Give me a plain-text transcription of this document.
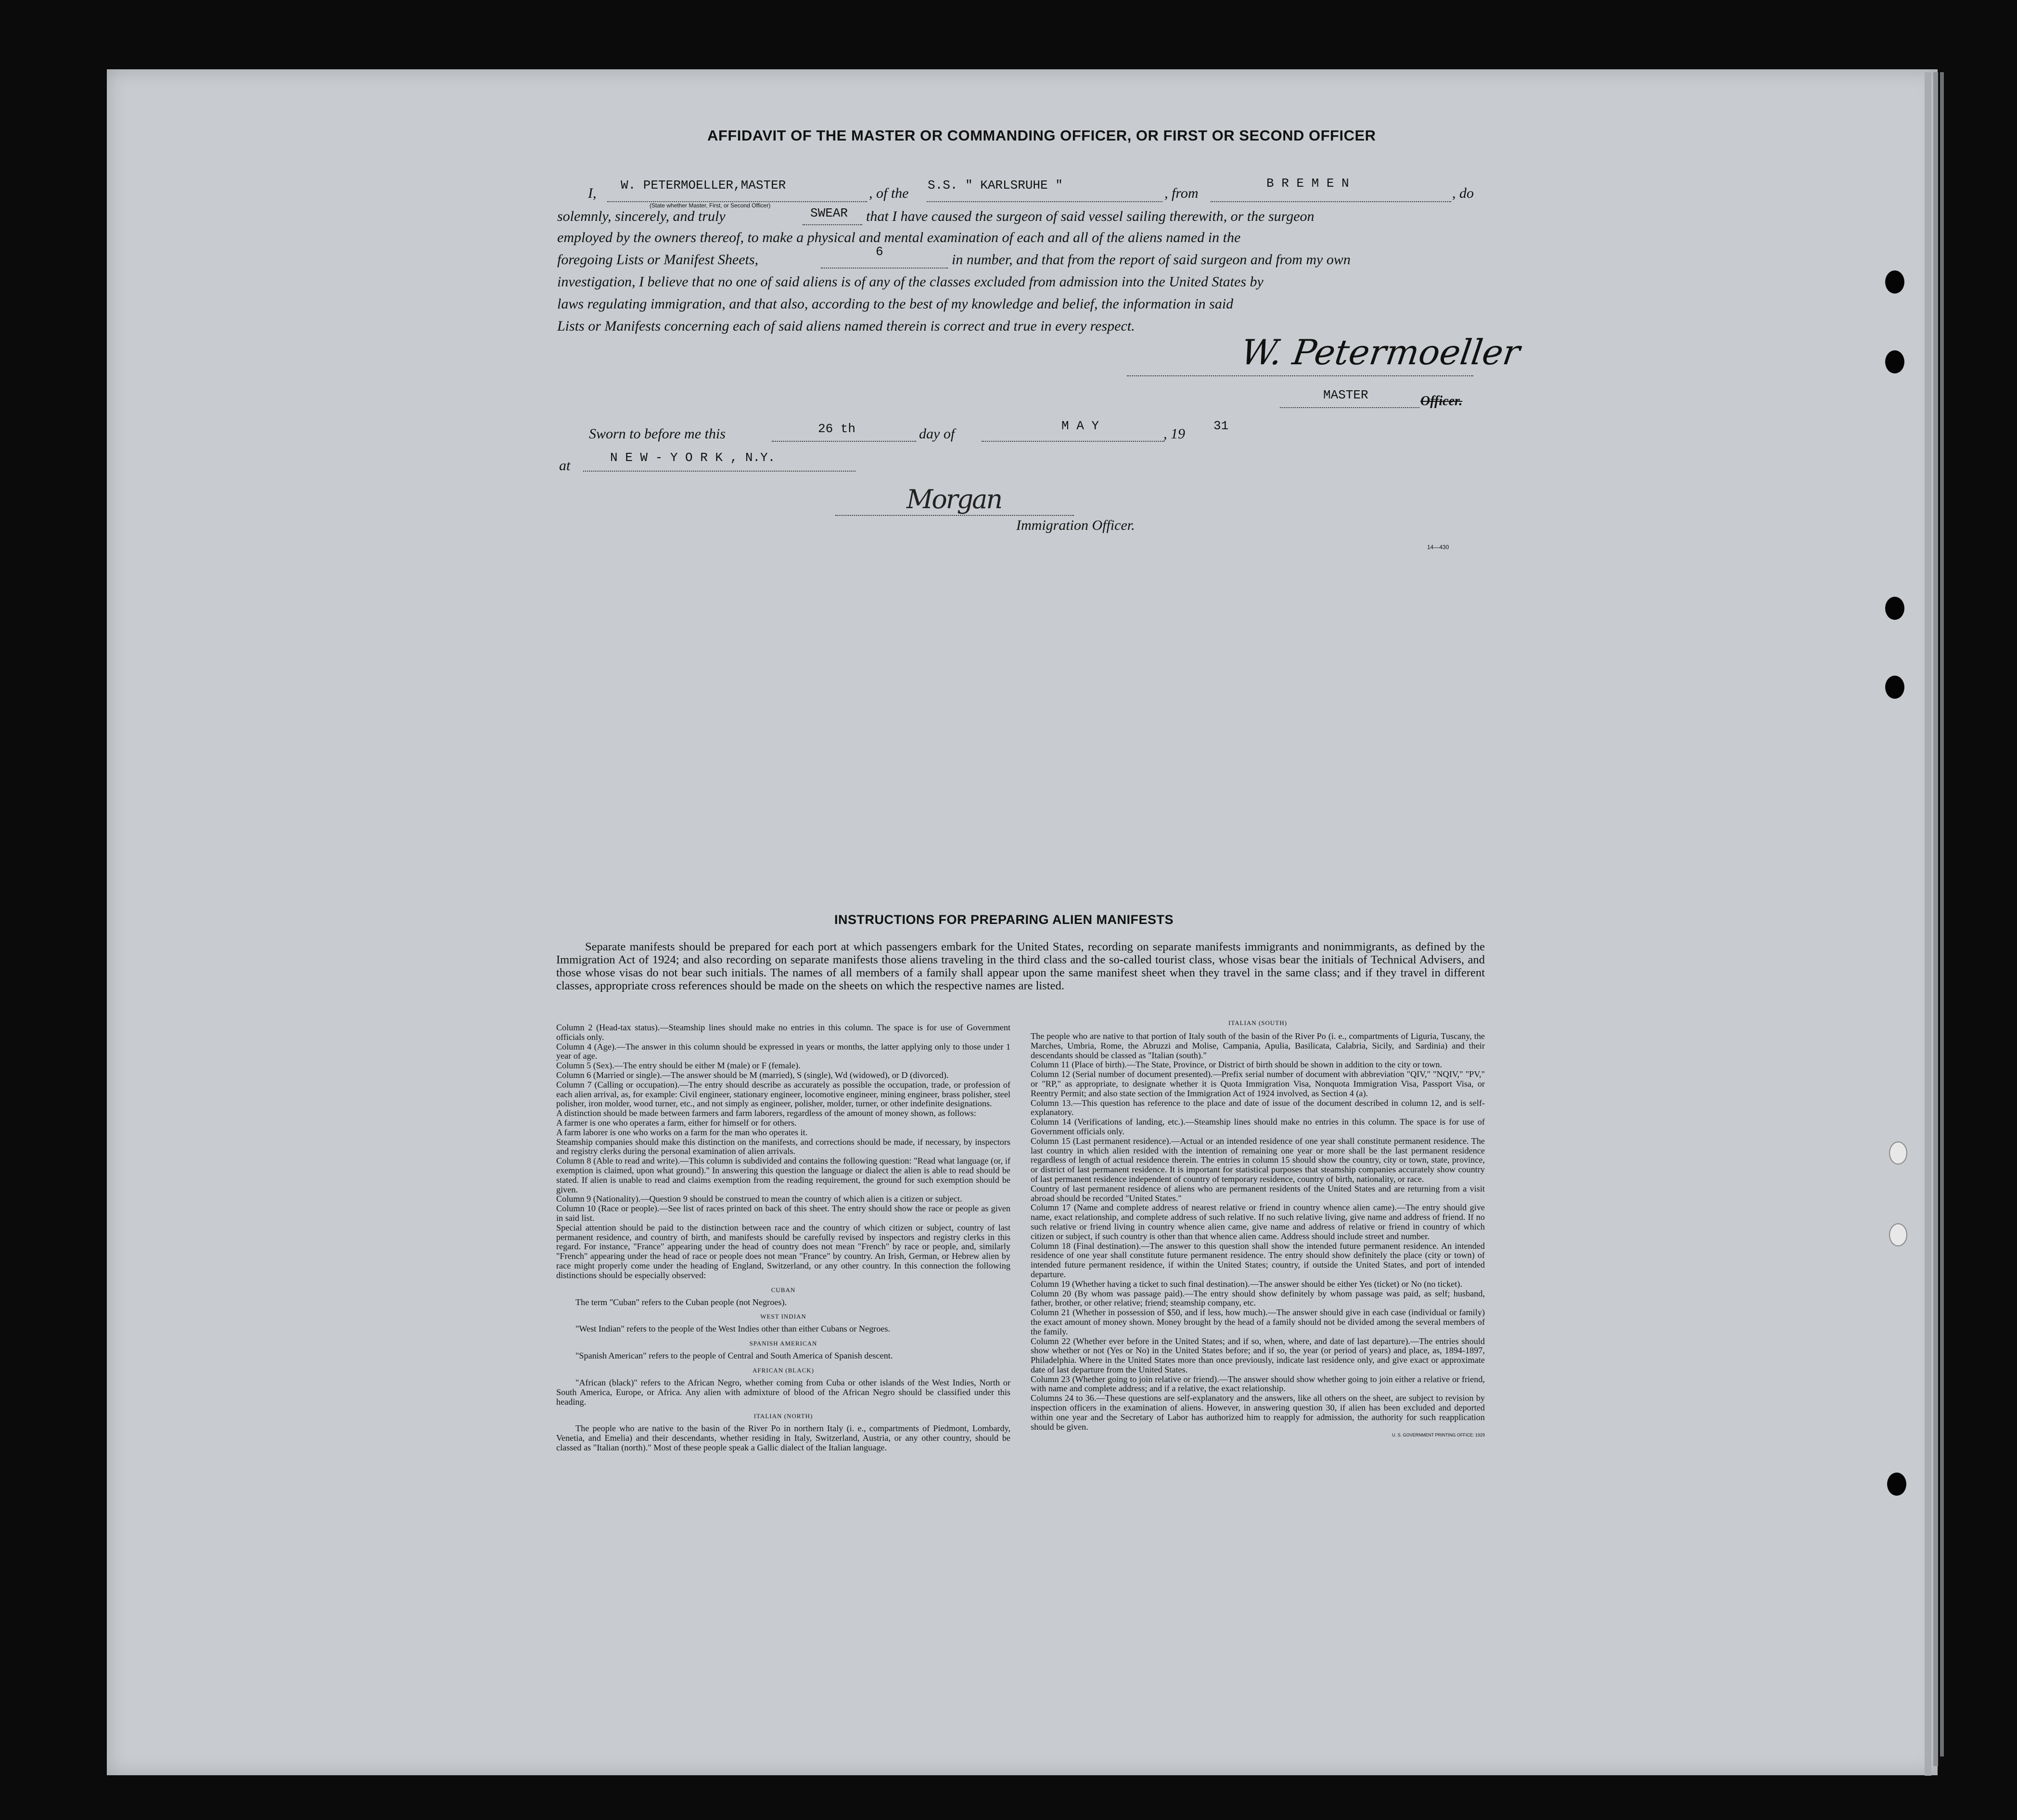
AFFIDAVIT OF THE MASTER OR COMMANDING OFFICER, OR FIRST OR SECOND OFFICER
I, W. PETERMOELLER,MASTER
(State whether Master, First, or Second Officer)
, of the S.S. " KARLSRUHE "	, from
B R E M E N
, do
solemnly, sincerely, and truly	SWEAR that I have caused the surgeon of said vessel sailing therewith, or the surgeon
employed by the owners thereof, to make a physical and mental examination of each and all of the aliens named in the
foregoing Lists or Manifest Sheets,	6	in number, and that from the report of said surgeon and from my own
investigation, I believe that no one of said aliens is of any of the classes excluded from admission into the United States by
laws regulating immigration, and that also, according to the best of my knowledge and belief, the information in said
Lists or Manifests concerning each of said aliens named therein is correct and true in every respect.
W. Petermoeller
MASTER	Officer.
Sworn to before me this	26 th	day of	M A Y	, 19 31
at	N E W - Y O R K , N.Y.
Morgan
Immigration Officer.
14—430
INSTRUCTIONS FOR PREPARING ALIEN MANIFESTS
Separate manifests should be prepared for each port at which passengers embark for the United States, recording on separate manifests immigrants and nonimmigrants, as defined by the Immigration Act of 1924; and also recording on separate manifests those aliens traveling in the third class and the so-called tourist class, whose visas bear the initials of Technical Advisers, and those whose visas do not bear such initials. The names of all members of a family shall appear upon the same manifest sheet when they travel in the same class; and if they travel in different classes, appropriate cross references should be made on the sheets on which the respective names are listed.
Column 2 (Head-tax status).—Steamship lines should make no entries in this column. The space is for use of Government officials only.
Column 4 (Age).—The answer in this column should be expressed in years or months, the latter applying only to those under 1 year of age.
Column 5 (Sex).—The entry should be either M (male) or F (female).
Column 6 (Married or single).—The answer should be M (married), S (single), Wd (widowed), or D (divorced).
Column 7 (Calling or occupation).—The entry should describe as accurately as possible the occupation, trade, or profession of each alien arrival, as, for example: Civil engineer, stationary engineer, locomotive engineer, mining engineer, brass polisher, steel polisher, iron molder, wood turner, etc., and not simply as engineer, polisher, molder, turner, or other indefinite designations.
A distinction should be made between farmers and farm laborers, regardless of the amount of money shown, as follows:
A farmer is one who operates a farm, either for himself or for others.
A farm laborer is one who works on a farm for the man who operates it.
Steamship companies should make this distinction on the manifests, and corrections should be made, if necessary, by inspectors and registry clerks during the personal examination of alien arrivals.
Column 8 (Able to read and write).—This column is subdivided and contains the following question: "Read what language (or, if exemption is claimed, upon what ground)." In answering this question the language or dialect the alien is able to read should be stated. If alien is unable to read and claims exemption from the reading requirement, the ground for such exemption should be given.
Column 9 (Nationality).—Question 9 should be construed to mean the country of which alien is a citizen or subject.
Column 10 (Race or people).—See list of races printed on back of this sheet. The entry should show the race or people as given in said list.
Special attention should be paid to the distinction between race and the country of which citizen or subject, country of last permanent residence, and country of birth, and manifests should be carefully revised by inspectors and registry clerks in this regard. For instance, "France" appearing under the head of country does not mean "French" by race or people, and, similarly "French" appearing under the head of race or people does not mean "France" by country. An Irish, German, or Hebrew alien by race might properly come under the heading of England, Switzerland, or any other country. In this connection the following distinctions should be especially observed:
CUBAN
The term "Cuban" refers to the Cuban people (not Negroes).
WEST INDIAN
"West Indian" refers to the people of the West Indies other than either Cubans or Negroes.
SPANISH AMERICAN
"Spanish American" refers to the people of Central and South America of Spanish descent.
AFRICAN (BLACK)
"African (black)" refers to the African Negro, whether coming from Cuba or other islands of the West Indies, North or South America, Europe, or Africa. Any alien with admixture of blood of the African Negro should be classified under this heading.
ITALIAN (NORTH)
The people who are native to the basin of the River Po in northern Italy (i. e., compartments of Piedmont, Lombardy, Venetia, and Emelia) and their descendants, whether residing in Italy, Switzerland, Austria, or any other country, should be classed as "Italian (north)." Most of these people speak a Gallic dialect of the Italian language.
ITALIAN (SOUTH)
The people who are native to that portion of Italy south of the basin of the River Po (i. e., compartments of Liguria, Tuscany, the Marches, Umbria, Rome, the Abruzzi and Molise, Campania, Apulia, Basilicata, Calabria, Sicily, and Sardinia) and their descendants should be classed as "Italian (south)."
Column 11 (Place of birth).—The State, Province, or District of birth should be shown in addition to the city or town.
Column 12 (Serial number of document presented).—Prefix serial number of document with abbreviation "QIV," "NQIV," "PV," or "RP," as appropriate, to designate whether it is Quota Immigration Visa, Nonquota Immigration Visa, Passport Visa, or Reentry Permit; and also state section of the Immigration Act of 1924 involved, as Section 4 (a).
Column 13.—This question has reference to the place and date of issue of the document described in column 12, and is self-explanatory.
Column 14 (Verifications of landing, etc.).—Steamship lines should make no entries in this column. The space is for use of Government officials only.
Column 15 (Last permanent residence).—Actual or an intended residence of one year shall constitute permanent residence. The last country in which alien resided with the intention of remaining one year or more shall be the last permanent residence regardless of length of actual residence therein. The entries in column 15 should show the country, city or town, state, province, or district of last permanent residence. It is important for statistical purposes that steamship companies accurately show country of last permanent residence independent of country of temporary residence, country of birth, nationality, or race.
Country of last permanent residence of aliens who are permanent residents of the United States and are returning from a visit abroad should be recorded "United States."
Column 17 (Name and complete address of nearest relative or friend in country whence alien came).—The entry should give name, exact relationship, and complete address of such relative. If no such relative living, give name and address of friend. If no such relative or friend living in country whence alien came, give name and address of relative or friend in country of which citizen or subject, if such country is other than that whence alien came. Address should include street and number.
Column 18 (Final destination).—The answer to this question shall show the intended future permanent residence. An intended residence of one year shall constitute future permanent residence. The entry should show definitely the place (city or town) of intended future permanent residence, if within the United States; country, if outside the United States, and port of intended departure.
Column 19 (Whether having a ticket to such final destination).—The answer should be either Yes (ticket) or No (no ticket).
Column 20 (By whom was passage paid).—The entry should show definitely by whom passage was paid, as self; husband, father, brother, or other relative; friend; steamship company, etc.
Column 21 (Whether in possession of $50, and if less, how much).—The answer should give in each case (individual or family) the exact amount of money shown. Money brought by the head of a family should not be divided among the several members of the family.
Column 22 (Whether ever before in the United States; and if so, when, where, and date of last departure).—The entries should show whether or not (Yes or No) in the United States before; and if so, the year (or period of years) and place, as, 1894-1897, Philadelphia. Where in the United States more than once previously, indicate last residence only, and give exact or approximate date of last departure from the United States.
Column 23 (Whether going to join relative or friend).—The answer should show whether going to join either a relative or friend, with name and complete address; and if a relative, the exact relationship.
Columns 24 to 36.—These questions are self-explanatory and the answers, like all others on the sheet, are subject to revision by inspection officers in the examination of aliens. However, in answering question 30, if alien has been excluded and deported within one year and the Secretary of Labor has authorized him to reapply for admission, the authority for such reapplication should be given.
U. S. GOVERNMENT PRINTING OFFICE: 1929
